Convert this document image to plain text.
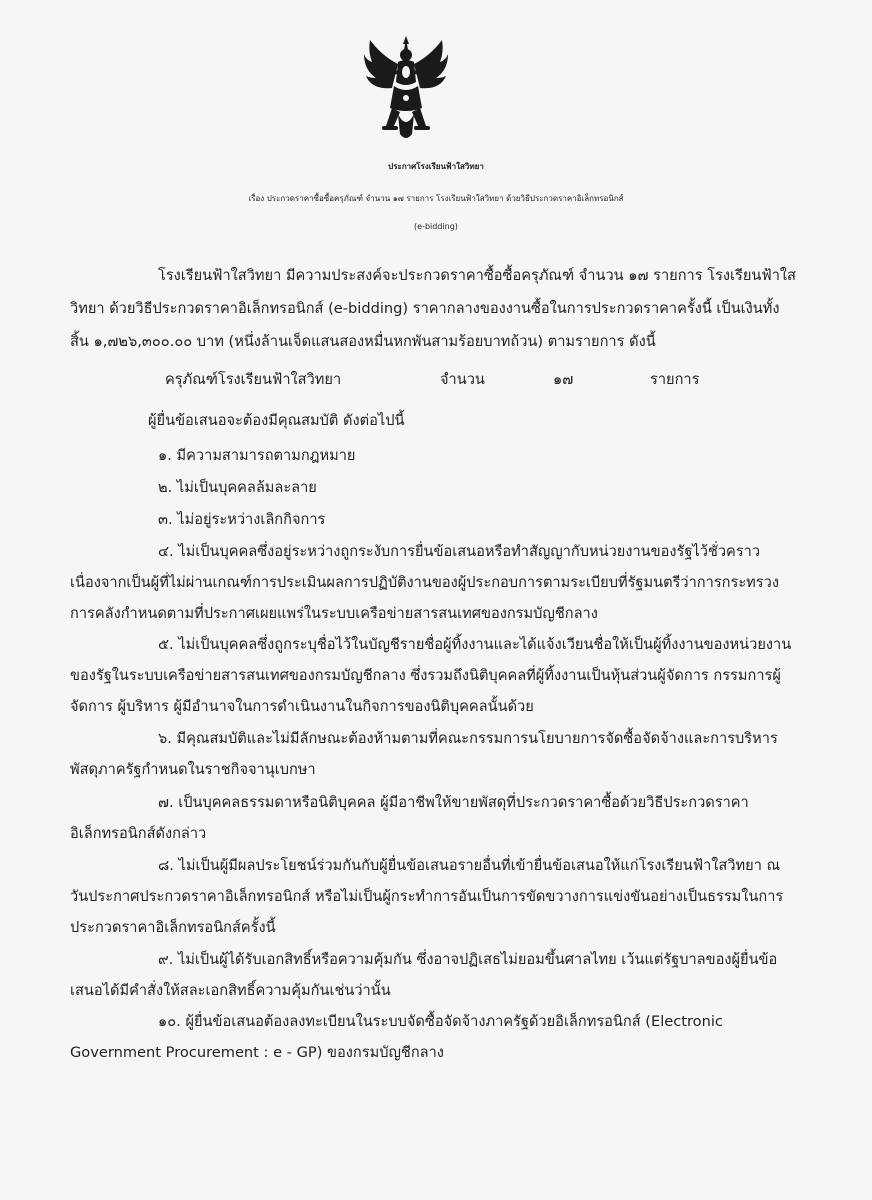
ประกาศโรงเรียนฟ้าใสวิทยา
เรื่อง ประกวดราคาซื้อซื้อครุภัณฑ์ จำนวน ๑๗ รายการ โรงเรียนฟ้าใสวิทยา ด้วยวิธีประกวดราคาอิเล็กทรอนิกส์
(e-bidding)
โรงเรียนฟ้าใสวิทยา มีความประสงค์จะประกวดราคาซื้อซื้อครุภัณฑ์ จำนวน ๑๗ รายการ โรงเรียนฟ้าใส
วิทยา ด้วยวิธีประกวดราคาอิเล็กทรอนิกส์ (e-bidding) ราคากลางของงานซื้อในการประกวดราคาครั้งนี้ เป็นเงินทั้ง
สิ้น ๑,๗๒๖,๓๐๐.๐๐ บาท (หนึ่งล้านเจ็ดแสนสองหมื่นหกพันสามร้อยบาทถ้วน) ตามรายการ ดังนี้
ครุภัณฑ์โรงเรียนฟ้าใสวิทยา	จำนวน	๑๗	รายการ
ผู้ยื่นข้อเสนอจะต้องมีคุณสมบัติ ดังต่อไปนี้
๑. มีความสามารถตามกฎหมาย
๒. ไม่เป็นบุคคลล้มละลาย
๓. ไม่อยู่ระหว่างเลิกกิจการ
๔. ไม่เป็นบุคคลซึ่งอยู่ระหว่างถูกระงับการยื่นข้อเสนอหรือทำสัญญากับหน่วยงานของรัฐไว้ชั่วคราว
เนื่องจากเป็นผู้ที่ไม่ผ่านเกณฑ์การประเมินผลการปฏิบัติงานของผู้ประกอบการตามระเบียบที่รัฐมนตรีว่าการกระทรวง
การคลังกำหนดตามที่ประกาศเผยแพร่ในระบบเครือข่ายสารสนเทศของกรมบัญชีกลาง
๕. ไม่เป็นบุคคลซึ่งถูกระบุชื่อไว้ในบัญชีรายชื่อผู้ทิ้งงานและได้แจ้งเวียนชื่อให้เป็นผู้ทิ้งงานของหน่วยงาน
ของรัฐในระบบเครือข่ายสารสนเทศของกรมบัญชีกลาง ซึ่งรวมถึงนิติบุคคลที่ผู้ทิ้งงานเป็นหุ้นส่วนผู้จัดการ กรรมการผู้
จัดการ ผู้บริหาร ผู้มีอำนาจในการดำเนินงานในกิจการของนิติบุคคลนั้นด้วย
๖. มีคุณสมบัติและไม่มีลักษณะต้องห้ามตามที่คณะกรรมการนโยบายการจัดซื้อจัดจ้างและการบริหาร
พัสดุภาครัฐกำหนดในราชกิจจานุเบกษา
๗. เป็นบุคคลธรรมดาหรือนิติบุคคล ผู้มีอาชีพให้ขายพัสดุที่ประกวดราคาซื้อด้วยวิธีประกวดราคา
อิเล็กทรอนิกส์ดังกล่าว
๘. ไม่เป็นผู้มีผลประโยชน์ร่วมกันกับผู้ยื่นข้อเสนอรายอื่นที่เข้ายื่นข้อเสนอให้แก่โรงเรียนฟ้าใสวิทยา ณ
วันประกาศประกวดราคาอิเล็กทรอนิกส์ หรือไม่เป็นผู้กระทำการอันเป็นการขัดขวางการแข่งขันอย่างเป็นธรรมในการ
ประกวดราคาอิเล็กทรอนิกส์ครั้งนี้
๙. ไม่เป็นผู้ได้รับเอกสิทธิ์หรือความคุ้มกัน ซึ่งอาจปฏิเสธไม่ยอมขึ้นศาลไทย เว้นแต่รัฐบาลของผู้ยื่นข้อ
เสนอได้มีคำสั่งให้สละเอกสิทธิ์ความคุ้มกันเช่นว่านั้น
๑๐. ผู้ยื่นข้อเสนอต้องลงทะเบียนในระบบจัดซื้อจัดจ้างภาครัฐด้วยอิเล็กทรอนิกส์ (Electronic
Government Procurement : e - GP) ของกรมบัญชีกลาง
